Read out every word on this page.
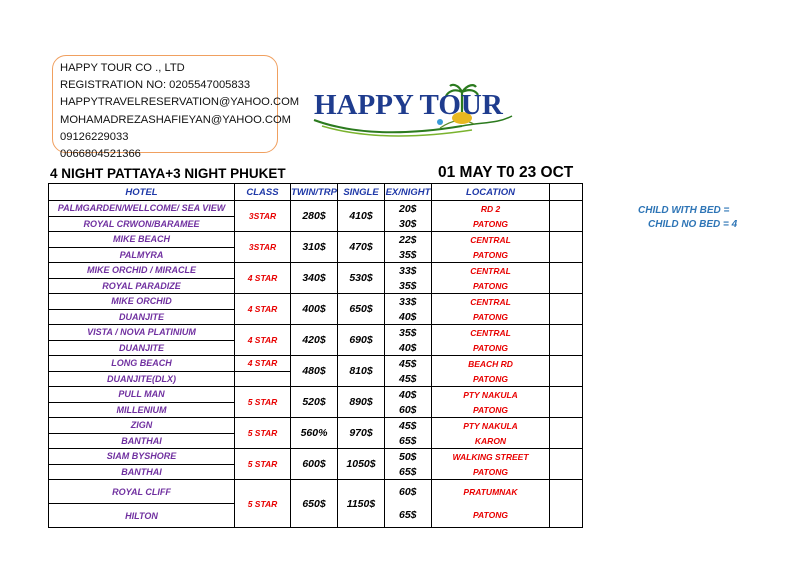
HAPPY TOUR CO ., LTD
REGISTRATION NO: 0205547005833
HAPPYTRAVELRESERVATION@YAHOO.COM
MOHAMADREZASHAFIEYAN@YAHOO.COM
09126229033
0066804521366
HAPPY TOUR
4 NIGHT PATTAYA+3 NIGHT PHUKET	01 MAY T0 23 OCT
HOTEL	CLASS	TWIN/TRP	SINGLE	EX/NIGHT	LOCATION	
PALMGARDEN/WELLCOME/ SEA VIEW	3STAR	280$	410$	20$	RD 2	
ROYAL CRWON/BARAMEE				30$	PATONG	
MIKE BEACH	3STAR	310$	470$	22$	CENTRAL	
PALMYRA				35$	PATONG	
MIKE ORCHID / MIRACLE	4 STAR	340$	530$	33$	CENTRAL	
ROYAL PARADIZE				35$	PATONG	
MIKE ORCHID	4 STAR	400$	650$	33$	CENTRAL	
DUANJITE				40$	PATONG	
VISTA / NOVA PLATINIUM	4 STAR	420$	690$	35$	CENTRAL	
DUANJITE				40$	PATONG	
LONG BEACH	4 STAR	480$	810$	45$	BEACH RD	
DUANJITE(DLX)				45$	PATONG	
PULL MAN	5 STAR	520$	890$	40$	PTY NAKULA	
MILLENIUM				60$	PATONG	
ZIGN	5 STAR	560%	970$	45$	PTY NAKULA	
BANTHAI				65$	KARON	
SIAM BYSHORE	5 STAR	600$	1050$	50$	WALKING STREET	
BANTHAI				65$	PATONG	
ROYAL CLIFF	5 STAR	650$	1150$	60$	PRATUMNAK	
HILTON				65$	PATONG	
CHILD WITH BED =
CHILD NO BED = 4
